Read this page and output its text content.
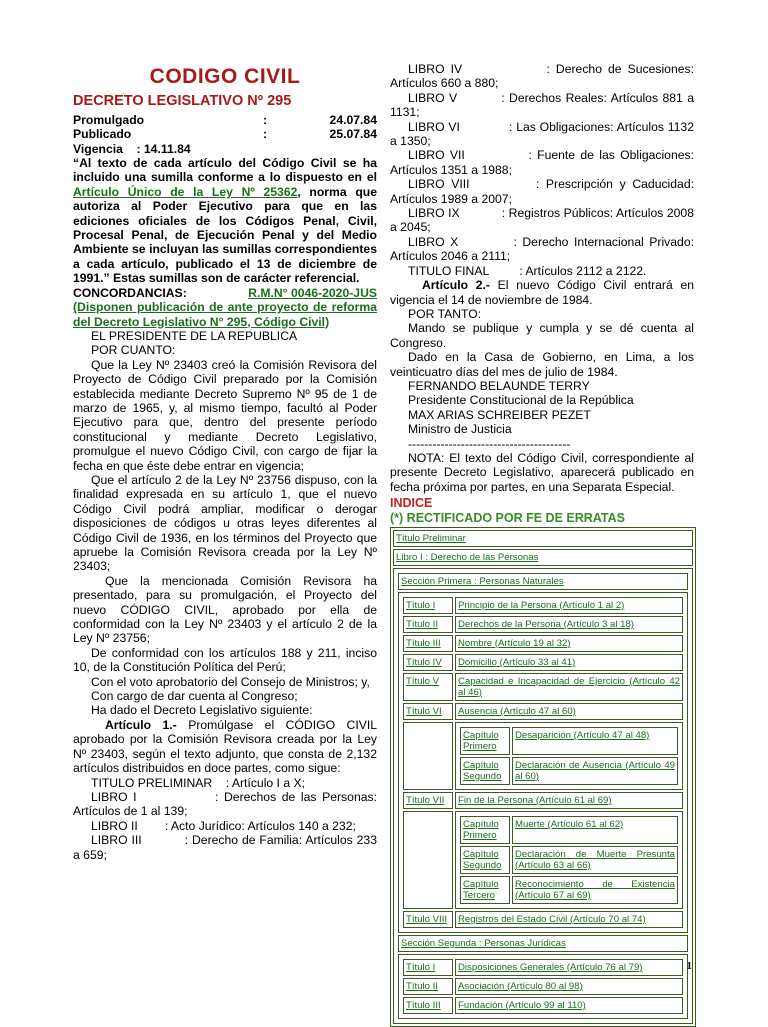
CODIGO CIVIL
DECRETO LEGISLATIVO Nº 295
Promulgado	:	24.07.84
Publicado	:	25.07.84

Vigencia    : 14.11.84

“Al texto de cada artículo del Código Civil se ha incluido una sumilla conforme a lo dispuesto en el Artículo Único de la Ley Nº 25362, norma que autoriza al Poder Ejecutivo para que en las ediciones oficiales de los Códigos Penal, Civil, Procesal Penal, de Ejecución Penal y del Medio Ambiente se incluyan las sumillas correspondientes a cada artículo, publicado el 13 de diciembre de 1991.” Estas sumillas son de carácter referencial.

CONCORDANCIAS:	R.M.N° 0046-2020-JUS

(Disponen publicación de ante proyecto de reforma del Decreto Legislativo N° 295, Código Civil)

EL PRESIDENTE DE LA REPUBLICA

POR CUANTO:

Que la Ley Nº 23403 creó la Comisión Revisora del Proyecto de Código Civil preparado por la Comisión establecida mediante Decreto Supremo Nº 95 de 1 de marzo de 1965, y, al mismo tiempo, facultó al Poder Ejecutivo para que, dentro del presente período constitucional y mediante Decreto Legislativo, promulgue el nuevo Código Civil, con cargo de fijar la fecha en que éste debe entrar en vigencia;

Que el artículo 2 de la Ley Nº 23756 dispuso, con la finalidad expresada en su artículo 1, que el nuevo Código Civil podrá ampliar, modificar o derogar disposiciones de códigos u otras leyes diferentes al Código Civil de 1936, en los términos del Proyecto que apruebe la Comisión Revisora creada por la Ley Nº 23403;

Que la mencionada Comisión Revisora ha presentado, para su promulgación, el Proyecto del nuevo CÓDIGO CIVIL, aprobado por ella de conformidad con la Ley Nº 23403 y el artículo 2 de la Ley Nº 23756;

De conformidad con los artículos 188 y 211, inciso 10, de la Constitución Política del Perú;

Con el voto aprobatorio del Consejo de Ministros; y,

Con cargo de dar cuenta al Congreso;

Ha dado el Decreto Legislativo siguiente:

Artículo 1.- Promúlgase el CÓDIGO CIVIL aprobado por la Comisión Revisora creada por la Ley Nº 23403, según el texto adjunto, que consta de 2,132 artículos distribuidos en doce partes, como sigue:

TITULO PRELIMINAR    : Artículo I a X;

LIBRO I              : Derechos de las Personas: Artículos de 1 al 139;

LIBRO II        : Acto Jurídico: Artículos 140 a 232;

LIBRO III           : Derecho de Familia: Artículos 233 a 659;

LIBRO IV              : Derecho de Sucesiones: Artículos 660 a 880;

LIBRO V          : Derechos Reales: Artículos 881 a 1131;

LIBRO VI             : Las Obligaciones: Artículos 1132 a 1350;

LIBRO VII            : Fuente de las Obligaciones: Artículos 1351 a 1988;

LIBRO VIII          : Prescripción y Caducidad: Artículos 1989 a 2007;

LIBRO IX            : Registros Públicos: Artículos 2008 a 2045;

LIBRO X          : Derecho Internacional Privado: Artículos 2046 a 2111;

TITULO FINAL         : Artículos 2112 a 2122.

Artículo 2.- El nuevo Código Civil entrará en vigencia el 14 de noviembre de 1984.

POR TANTO:

Mando se publique y cumpla y se dé cuenta al Congreso.

Dado en la Casa de Gobierno, en Lima, a los veinticuatro días del mes de julio de 1984.

FERNANDO BELAUNDE TERRY

Presidente Constitucional de la República

MAX ARIAS SCHREIBER PEZET

Ministro de Justicia

----------------------------------------

NOTA: El texto del Código Civil, correspondiente al presente Decreto Legislativo, aparecerá publicado en fecha próxima por partes, en una Separata Especial.

INDICE
(*) RECTIFICADO POR FE DE ERRATAS
Título Preliminar
Libro I : Derecho de las Personas

Sección Primera : Personas Naturales

Título I	Principio de la Persona (Artículo 1 al 2)
Título II	Derechos de la Persona (Artículo 3 al 18)
Título III	Nombre (Artículo 19 al 32)
Título IV	Domicilio (Artículo 33 al 41)
Título V	Capacidad e Incapacidad de Ejercicio (Artículo 42 al 46)
Título VI	Ausencia (Artículo 47 al 60)

Capítulo Primero	Desaparición (Artículo 47 al 48)
Capítulo Segundo	Declaración de Ausencia (Artículo 49 al 60)

Título VII	Fin de la Persona (Artículo 61 al 69)

Capítulo Primero	Muerte (Artículo 61 al 62)
Capítulo Segundo	Declaración de Muerte Presunta (Artículo 63 al 66)
Capítulo Tercero	Reconocimiento de Existencia (Artículo 67 al 69)

Título VIII	Registros del Estado Civil (Artículo 70 al 74)

Sección Segunda : Personas Jurídicas

Título I	Disposiciones Generales (Artículo 76 al 79)
Título II	Asociación (Artículo 80 al 98)
Título III	Fundación (Artículo 99 al 110)
1
